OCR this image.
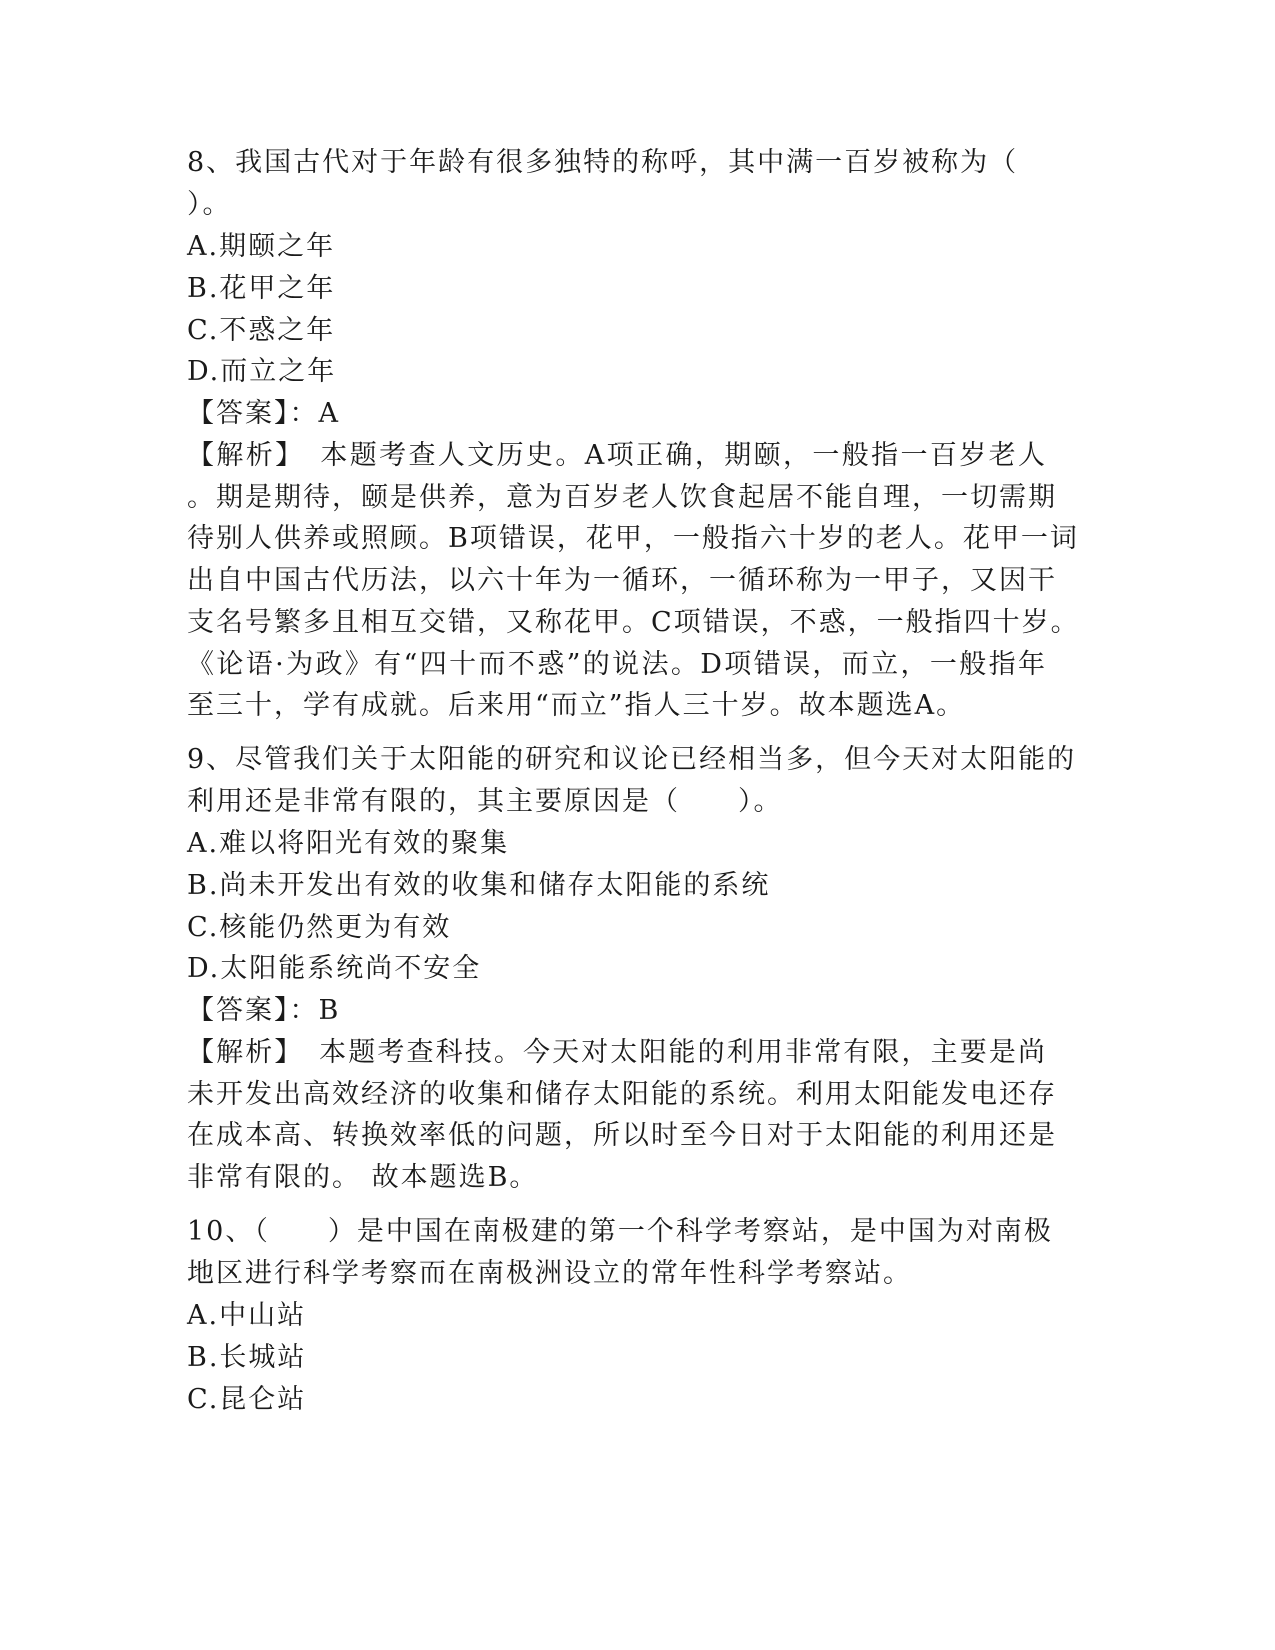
8、我国古代对于年龄有很多独特的称呼，其中满一百岁被称为（
）。
A.期颐之年
B.花甲之年
C.不惑之年
D.而立之年
【答案】：A
【解析】　本题考查人文历史。A项正确，期颐，一般指一百岁老人
。期是期待，颐是供养，意为百岁老人饮食起居不能自理，一切需期
待别人供养或照顾。B项错误，花甲，一般指六十岁的老人。花甲一词
出自中国古代历法，以六十年为一循环，一循环称为一甲子，又因干
支名号繁多且相互交错，又称花甲。C项错误，不惑，一般指四十岁。
《论语·为政》有“四十而不惑”的说法。D项错误，而立，一般指年
至三十，学有成就。后来用“而立”指人三十岁。故本题选A。
9、尽管我们关于太阳能的研究和议论已经相当多，但今天对太阳能的
利用还是非常有限的，其主要原因是（　　）。
A.难以将阳光有效的聚集
B.尚未开发出有效的收集和储存太阳能的系统
C.核能仍然更为有效
D.太阳能系统尚不安全
【答案】：B
【解析】　本题考查科技。今天对太阳能的利用非常有限，主要是尚
未开发出高效经济的收集和储存太阳能的系统。利用太阳能发电还存
在成本高、转换效率低的问题，所以时至今日对于太阳能的利用还是
非常有限的。 故本题选B。
10、（　　）是中国在南极建的第一个科学考察站，是中国为对南极
地区进行科学考察而在南极洲设立的常年性科学考察站。
A.中山站
B.长城站
C.昆仑站
